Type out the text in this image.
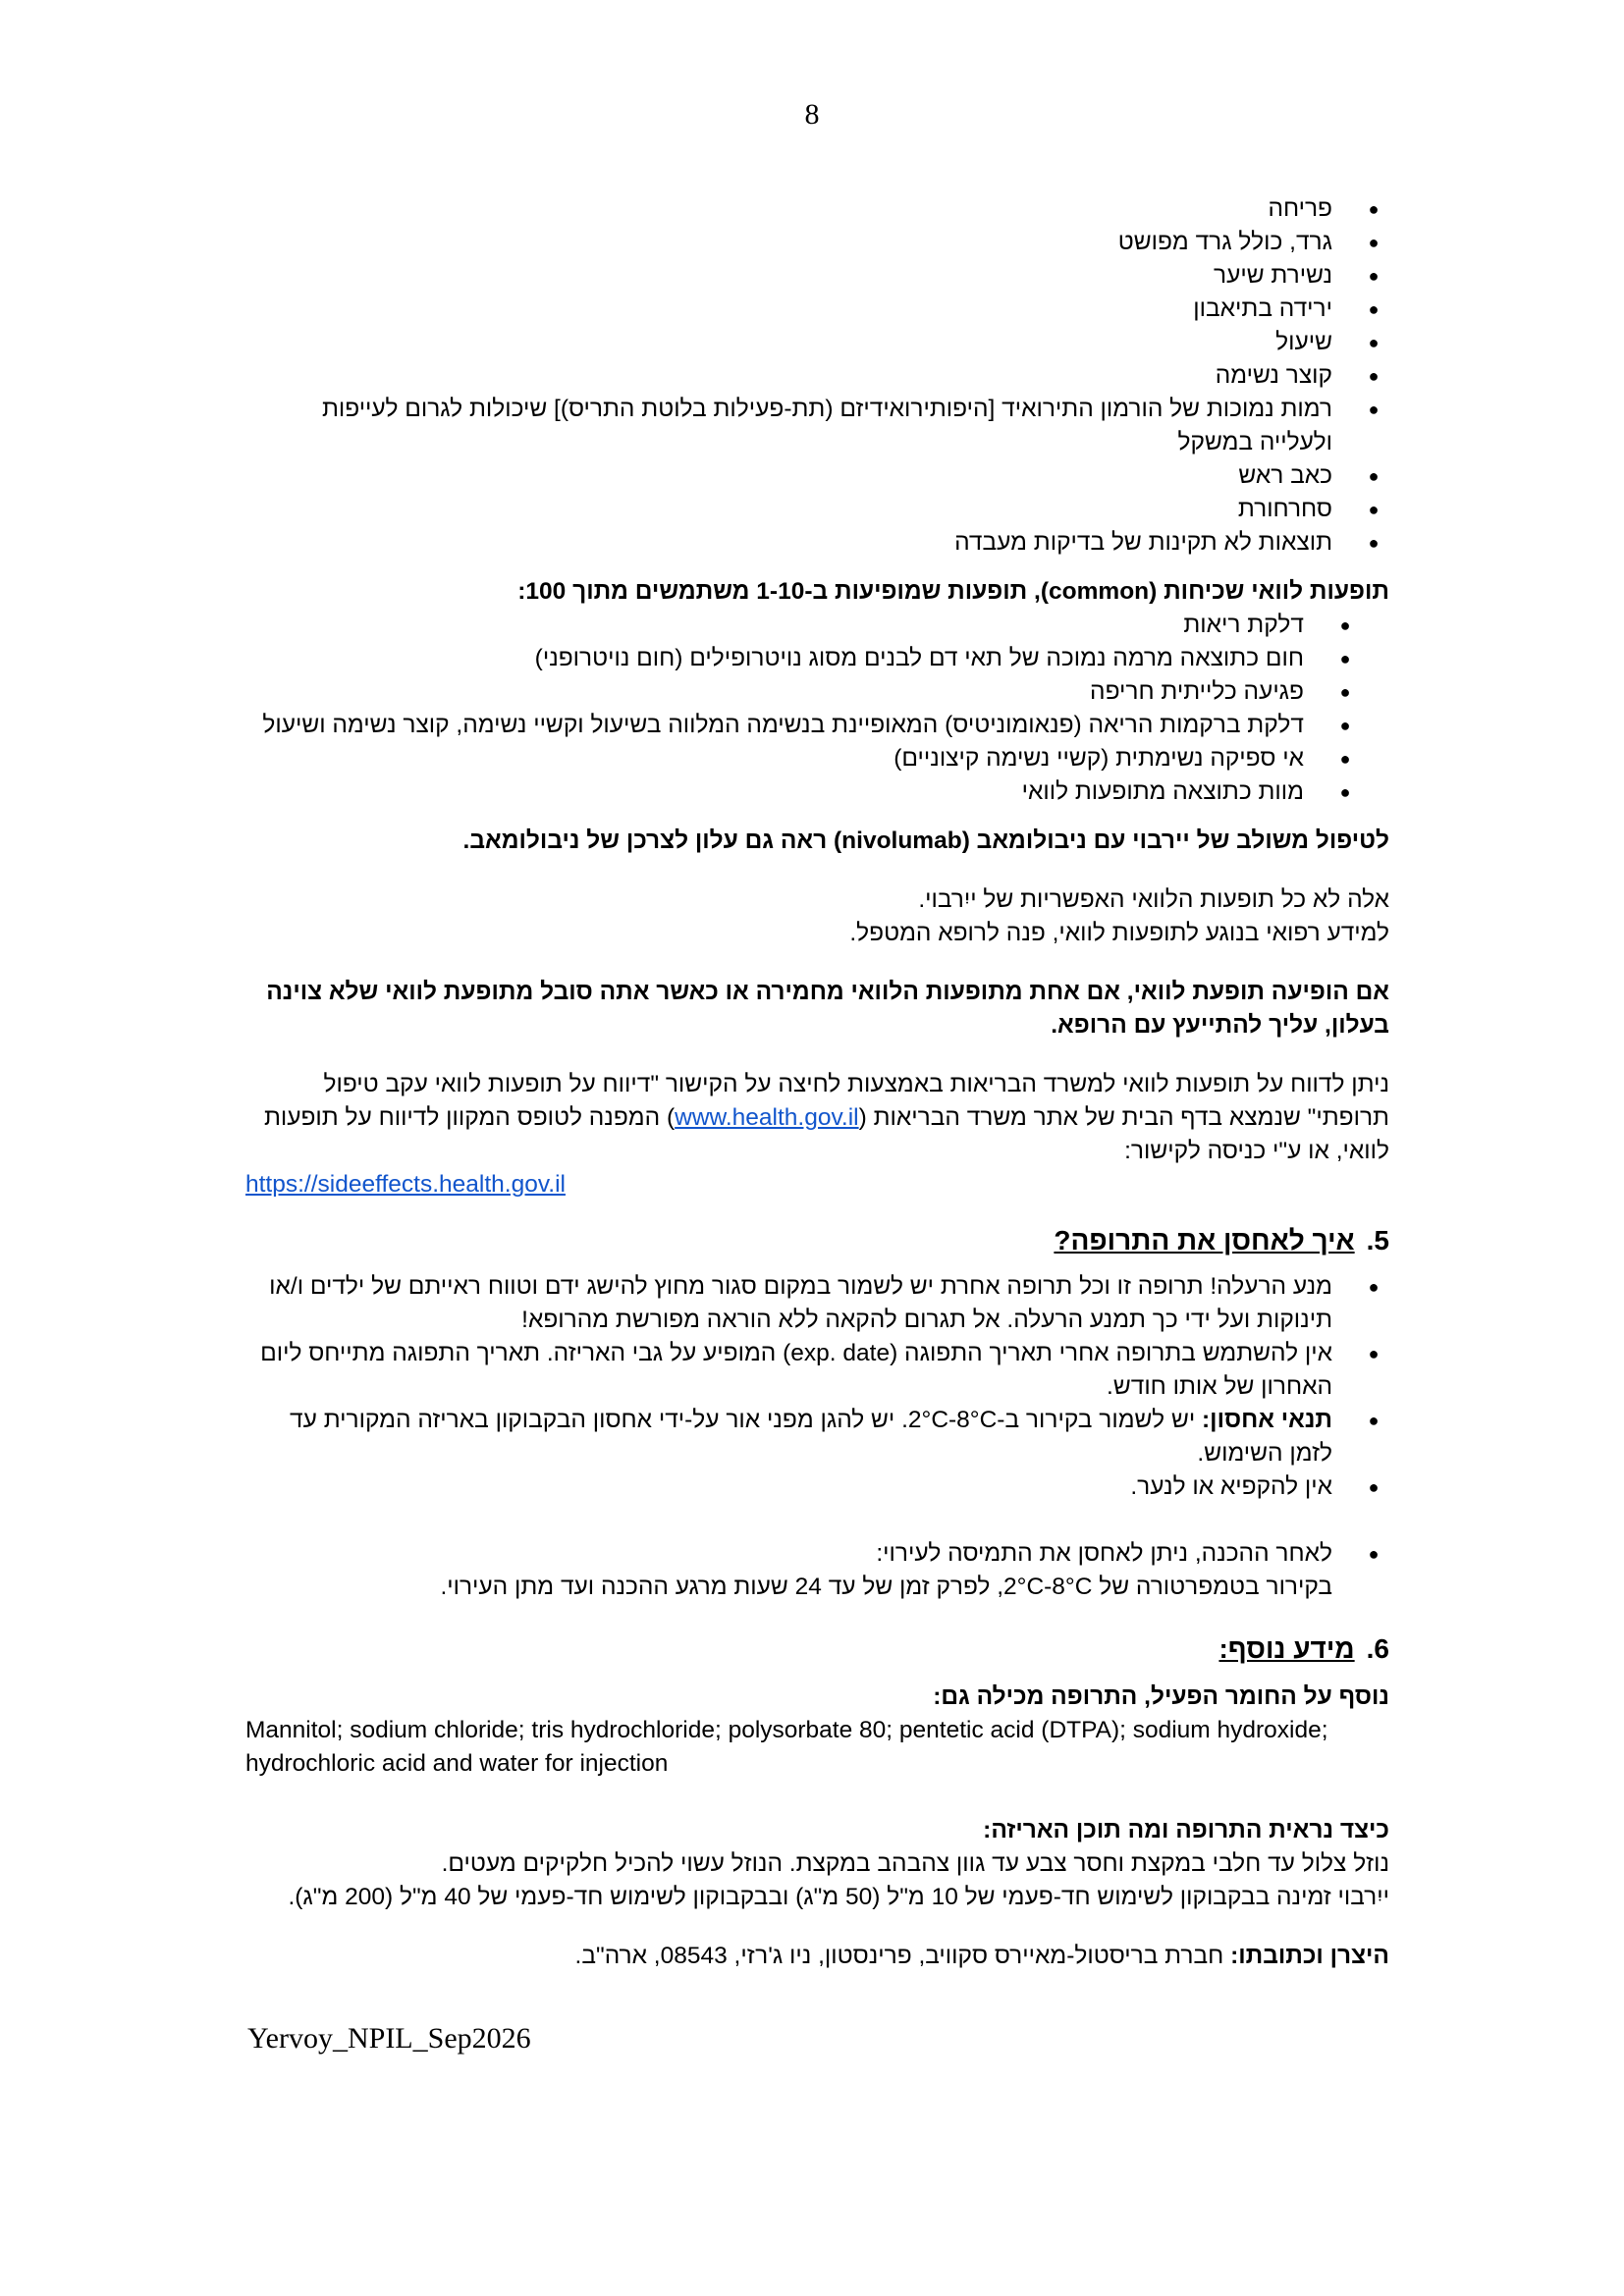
8
●
פריחה
●
גרד, כולל גרד מפושט
●
נשירת שיער
●
ירידה בתיאבון
●
שיעול
●
קוצר נשימה
●
רמות נמוכות של הורמון התירואיד [היפותירואידיזם (תת-פעילות בלוטת התריס)] שיכולות לגרום לעייפות ולעלייה במשקל
●
כאב ראש
●
סחרחורת
●
תוצאות לא תקינות של בדיקות מעבדה

תופעות לוואי שכיחות (common), תופעות שמופיעות ב-1-10 משתמשים מתוך 100:

●
דלקת ריאות
●
חום כתוצאה מרמה נמוכה של תאי דם לבנים מסוג נויטרופילים (חום נויטרופני)
●
פגיעה כלייתית חריפה
●
דלקת ברקמות הריאה (פנאומוניטיס) המאופיינת בנשימה המלווה בשיעול וקשיי נשימה, קוצר נשימה ושיעול
●
אי ספיקה נשימתית (קשיי נשימה קיצוניים)
●
מוות כתוצאה מתופעות לוואי

לטיפול משולב של יירבוי עם ניבולומאב (nivolumab) ראה גם עלון לצרכן של ניבולומאב.

אלה לא כל תופעות הלוואי האפשריות של ייִרבוי.

למידע רפואי בנוגע לתופעות לוואי, פנה לרופא המטפל.

אם הופיעה תופעת לוואי, אם אחת מתופעות הלוואי מחמירה או כאשר אתה סובל מתופעת לוואי שלא צוינה בעלון, עליך להתייעץ עם הרופא.

ניתן לדווח על תופעות לוואי למשרד הבריאות באמצעות לחיצה על הקישור "דיווח על תופעות לוואי עקב טיפול תרופתי" שנמצא בדף הבית של אתר משרד הבריאות (www.health.gov.il) המפנה לטופס המקוון לדיווח על תופעות לוואי, או ע"י כניסה לקישור:

https://sideeffects.health.gov.il

5.איך לאחסן את התרופה?
●
מנע הרעלה! תרופה זו וכל תרופה אחרת יש לשמור במקום סגור מחוץ להישג ידם וטווח ראייתם של ילדים ו/או תינוקות ועל ידי כך תמנע הרעלה. אל תגרום להקאה ללא הוראה מפורשת מהרופא!
●
אין להשתמש בתרופה אחרי תאריך התפוגה (exp. date) המופיע על גבי האריזה. תאריך התפוגה מתייחס ליום האחרון של אותו חודש.
●
תנאי אחסון: יש לשמור בקירור ב-2°C-8°C. יש להגן מפני אור על-ידי אחסון הבקבוקון באריזה המקורית עד לזמן השימוש.
●
אין להקפיא או לנער.
●
לאחר ההכנה, ניתן לאחסן את התמיסה לעירוי:
בקירור בטמפרטורה של 2°C-8°C, לפרק זמן של עד 24 שעות מרגע ההכנה ועד מתן העירוי.
6.מידע נוסף:

נוסף על החומר הפעיל, התרופה מכילה גם:

Mannitol; sodium chloride; tris hydrochloride; polysorbate 80; pentetic acid (DTPA); sodium hydroxide; hydrochloric acid and water for injection

כיצד נראית התרופה ומה תוכן האריזה:

נוזל צלול עד חלבי במקצת וחסר צבע עד גוון צהבהב במקצת. הנוזל עשוי להכיל חלקיקים מעטים.

ייִרבוי זמינה בבקבוקון לשימוש חד-פעמי של 10 מ"ל (50 מ"ג) ובבקבוקון לשימוש חד-פעמי של 40 מ"ל (200 מ"ג).

היצרן וכתובתו: חברת בריסטול-מאיירס סקוויב, פרינסטון, ניו ג'רזי, 08543, ארה"ב.

Yervoy_NPIL_Sep2026
